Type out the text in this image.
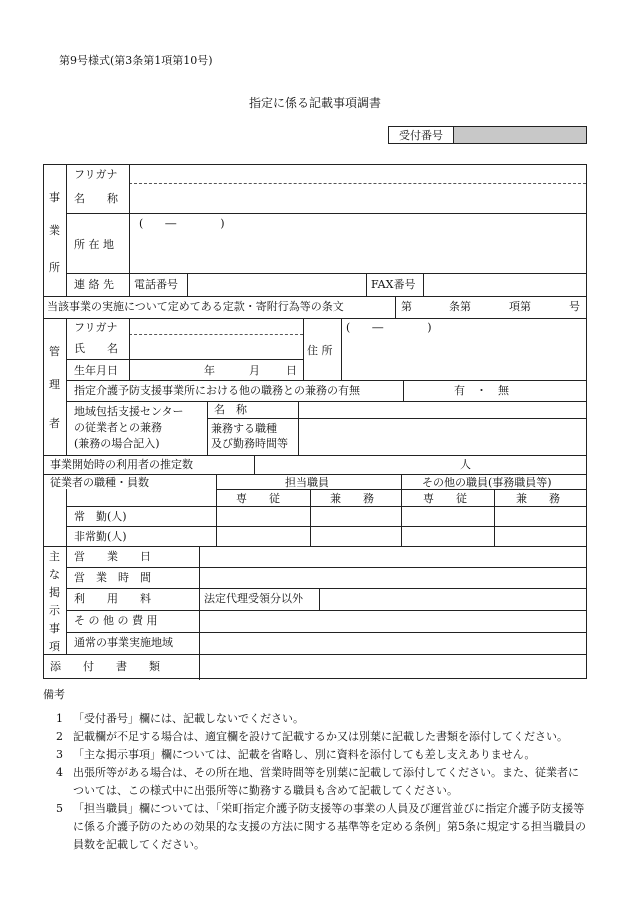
第9号様式(第3条第1項第10号)
指定に係る記載事項調書
受付番号
事
業
所
フリガナ
名　　称
(　　―　　　　)
所 在 地
連 絡 先 電話番号	FAX番号
当該事業の実施について定めてある定款・寄附行為等の条文	第	条第	項第	号
管
理
者
フリガナ
氏　　名	住 所
(　　―　　　　)
生年月日	年	月 日
指定介護予防支援事業所における他の職務との兼務の有無	有　・　無
地域包括支援センター
の従業者との兼務
(兼務の場合記入)
名　称
兼務する職種
及び勤務時間等
事業開始時の利用者の推定数	人
従業者の職種・員数	担当職員	その他の職員(事務職員等)
専　　従	兼　　務	専　　従	兼　　務
常　勤(人)
非常勤(人)
主
な
掲
示
事
項
営　　業　　日
営　業　時　間
利　　用　　料	法定代理受領分以外
そ の 他 の 費 用
通常の事業実施地域
添　　付　　書　　類
備考
1 「受付番号」欄には、記載しないでください。
2 記載欄が不足する場合は、適宜欄を設けて記載するか又は別葉に記載した書類を添付してください。
3 「主な掲示事項」欄については、記載を省略し、別に資料を添付しても差し支えありません。
4 出張所等がある場合は、その所在地、営業時間等を別葉に記載して添付してください。また、従業者については、この様式中に出張所等に勤務する職員も含めて記載してください。
5 「担当職員」欄については、「栄町指定介護予防支援等の事業の人員及び運営並びに指定介護予防支援等に係る介護予防のための効果的な支援の方法に関する基準等を定める条例」第5条に規定する担当職員の員数を記載してください。
